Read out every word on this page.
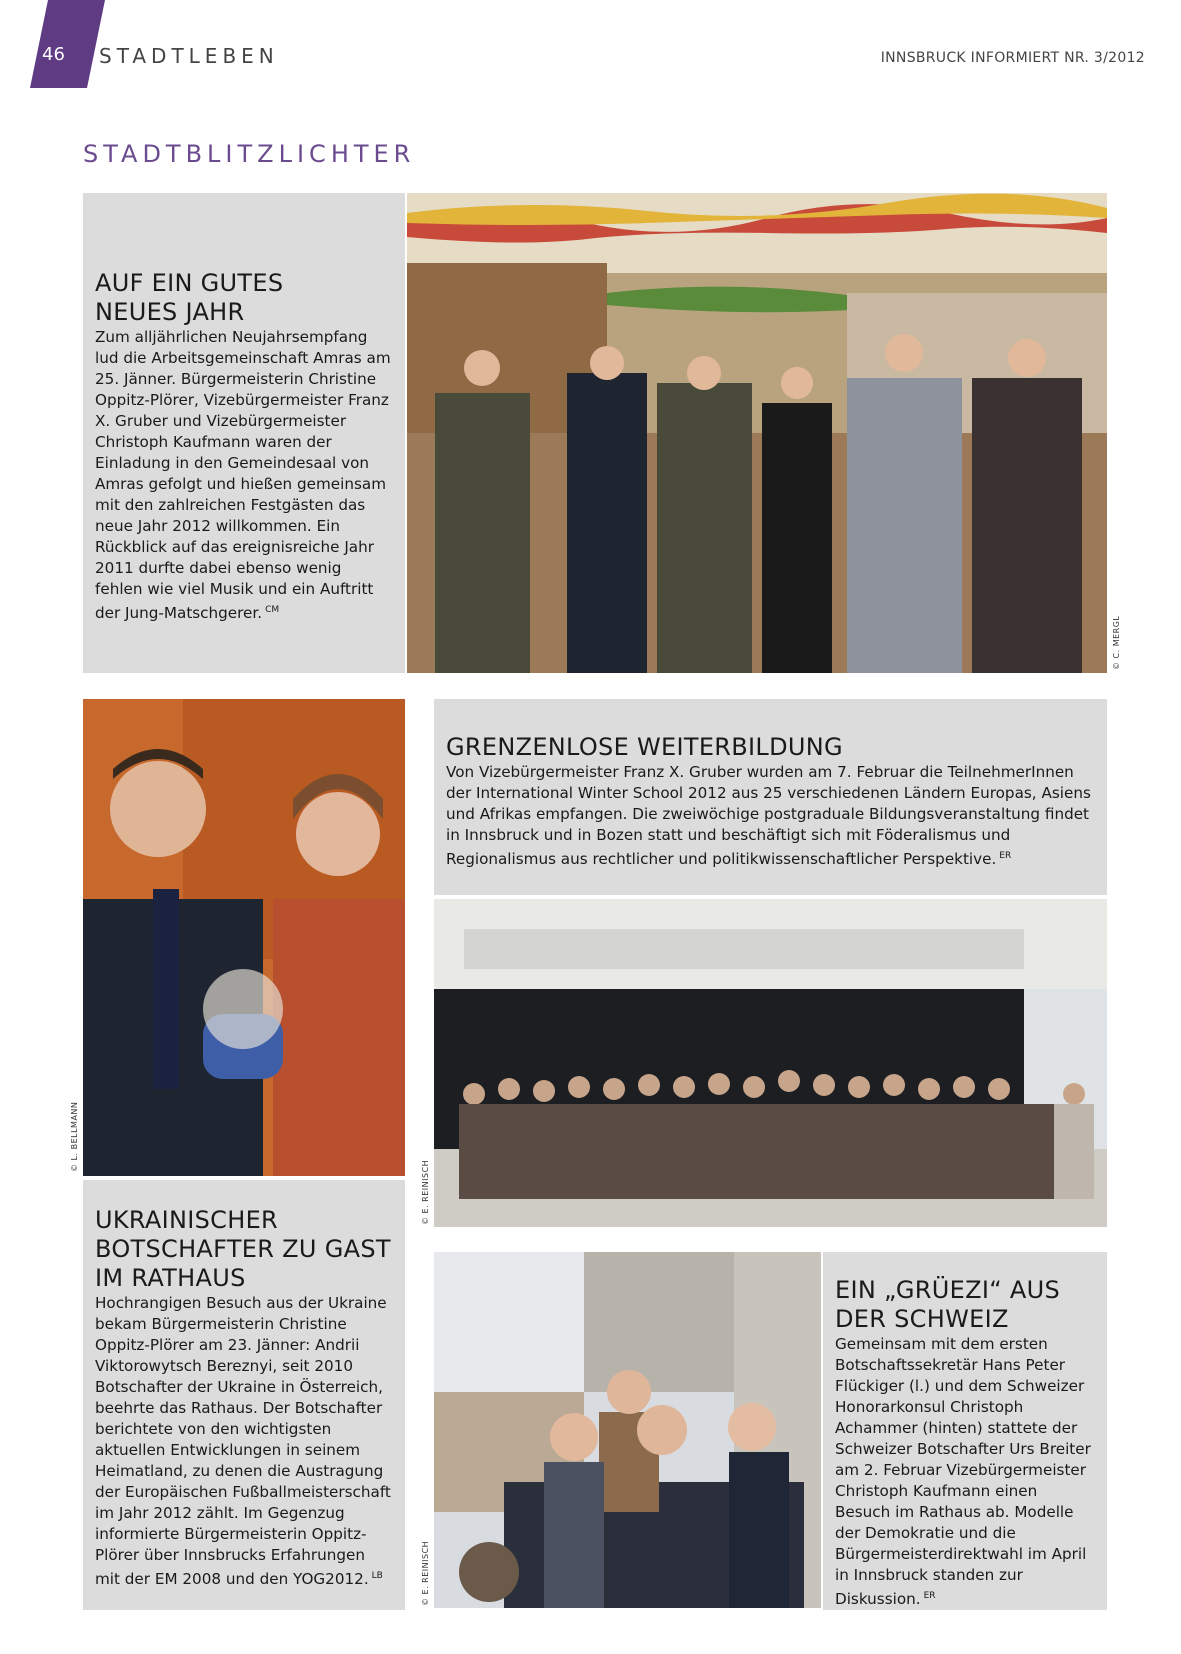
46 STADTLEBEN	INNSBRUCK INFORMIERT NR. 3/2012
STADTBLITZLICHTER
AUF EIN GUTES
NEUES JAHR

Zum alljährlichen Neujahrsempfang lud die Arbeitsgemeinschaft Amras am 25. Jänner. Bürgermeisterin Christine Oppitz-Plörer, Vizebürgermeister Franz X. Gruber und Vizebürgermeister Christoph Kaufmann waren der Einladung in den Gemeindesaal von Amras gefolgt und hießen gemeinsam mit den zahlreichen Festgästen das neue Jahr 2012 willkommen. Ein Rückblick auf das ereignisreiche Jahr 2011 durfte dabei ebenso wenig fehlen wie viel Musik und ein Auftritt der Jung-Matschgerer. $^{CM}$

© C. MERGL
GRENZENLOSE WEITERBILDUNG

Von Vizebürgermeister Franz X. Gruber wurden am 7. Februar die TeilnehmerInnen der International Winter School 2012 aus 25 verschiedenen Ländern Europas, Asiens und Afrikas empfangen. Die zweiwöchige postgraduale Bildungsveranstaltung findet in Innsbruck und in Bozen statt und beschäftigt sich mit Föderalismus und Regionalismus aus rechtlicher und politikwissenschaftlicher Perspektive. $^{ER}$

© E. REINISCH
© L. BELLMANN
UKRAINISCHER
BOTSCHAFTER ZU GAST
IM RATHAUS

Hochrangigen Besuch aus der Ukraine bekam Bürgermeisterin Christine Oppitz-Plörer am 23. Jänner: Andrii Viktorowytsch Bereznyi, seit 2010 Botschafter der Ukraine in Österreich, beehrte das Rathaus. Der Botschafter berichtete von den wichtigsten aktuellen Entwicklungen in seinem Heimatland, zu denen die Austragung der Europäischen Fußballmeisterschaft im Jahr 2012 zählt. Im Gegenzug informierte Bürgermeisterin Oppitz-Plörer über Innsbrucks Erfahrungen mit der EM 2008 und den YOG2012. $^{LB}$	© E. REINISCH
EIN „GRÜEZI“ AUS
DER SCHWEIZ

Gemeinsam mit dem ersten Botschaftssekretär Hans Peter Flückiger (l.) und dem Schweizer Honorarkonsul Christoph Achammer (hinten) stattete der Schweizer Botschafter Urs Breiter am 2. Februar Vizebürgermeister Christoph Kaufmann einen Besuch im Rathaus ab. Modelle der Demokratie und die Bürgermeisterdirektwahl im April in Innsbruck standen zur Diskussion. $^{ER}$
